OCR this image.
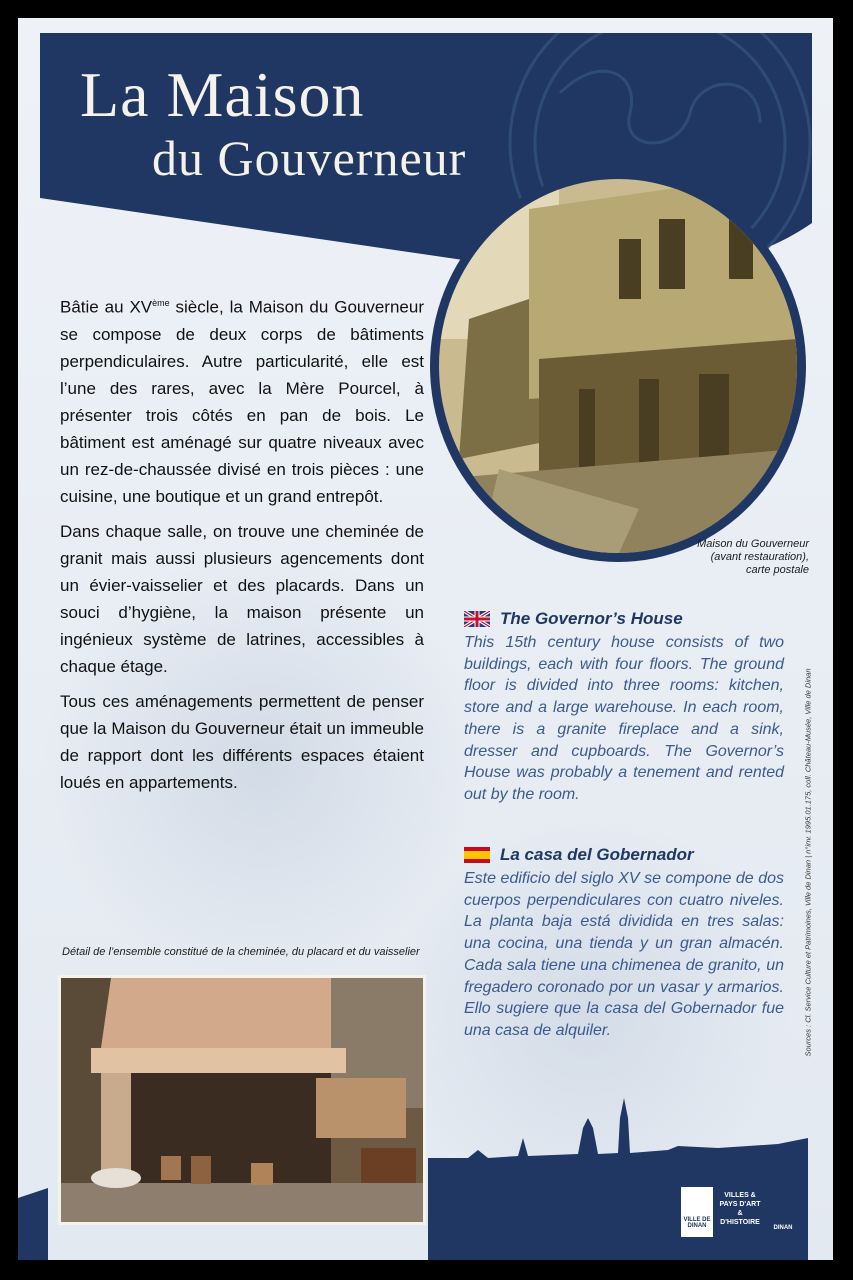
La Maison
du Gouverneur
Maison du Gouverneur (avant restauration), carte postale

Bâtie au XVème siècle, la Maison du Gouverneur se compose de deux corps de bâtiments perpendiculaires. Autre particularité, elle est l’une des rares, avec la Mère Pourcel, à présenter trois côtés en pan de bois. Le bâtiment est aménagé sur quatre niveaux avec un rez-de-chaussée divisé en trois pièces : une cuisine, une boutique et un grand entrepôt.

Dans chaque salle, on trouve une cheminée de granit mais aussi plusieurs agencements dont un évier-vaisselier et des placards. Dans un souci d’hygiène, la maison présente un ingénieux système de latrines, accessibles à chaque étage.

Tous ces aménagements permettent de penser que la Maison du Gouverneur était un immeuble de rapport dont les différents espaces étaient loués en appartements.

The Governor’s House
This 15th century house consists of two buildings, each with four floors. The ground floor is divided into three rooms: kitchen, store and a large warehouse. In each room, there is a granite fireplace and a sink, dresser and cupboards. The Governor’s House was probably a tenement and rented out by the room.
La casa del Gobernador
Este edificio del siglo XV se compone de dos cuerpos perpendiculares con cuatro niveles. La planta baja está dividida en tres salas: una cocina, una tienda y un gran almacén. Cada sala tiene una chimenea de granito, un fregadero coronado por un vasar y armarios. Ello sugiere que la casa del Gobernador fue una casa de alquiler.	Sources : Cl. Service Culture et Patrimoines, Ville de Dinan | n°inv. 1995.01.175, coll. Château-Musée, Ville de Dinan
Détail de l’ensemble constitué de la cheminée, du placard et du vaisselier
VILLE DE DINAN
VILLES & PAYS D'ART & D'HISTOIRE
DINAN
